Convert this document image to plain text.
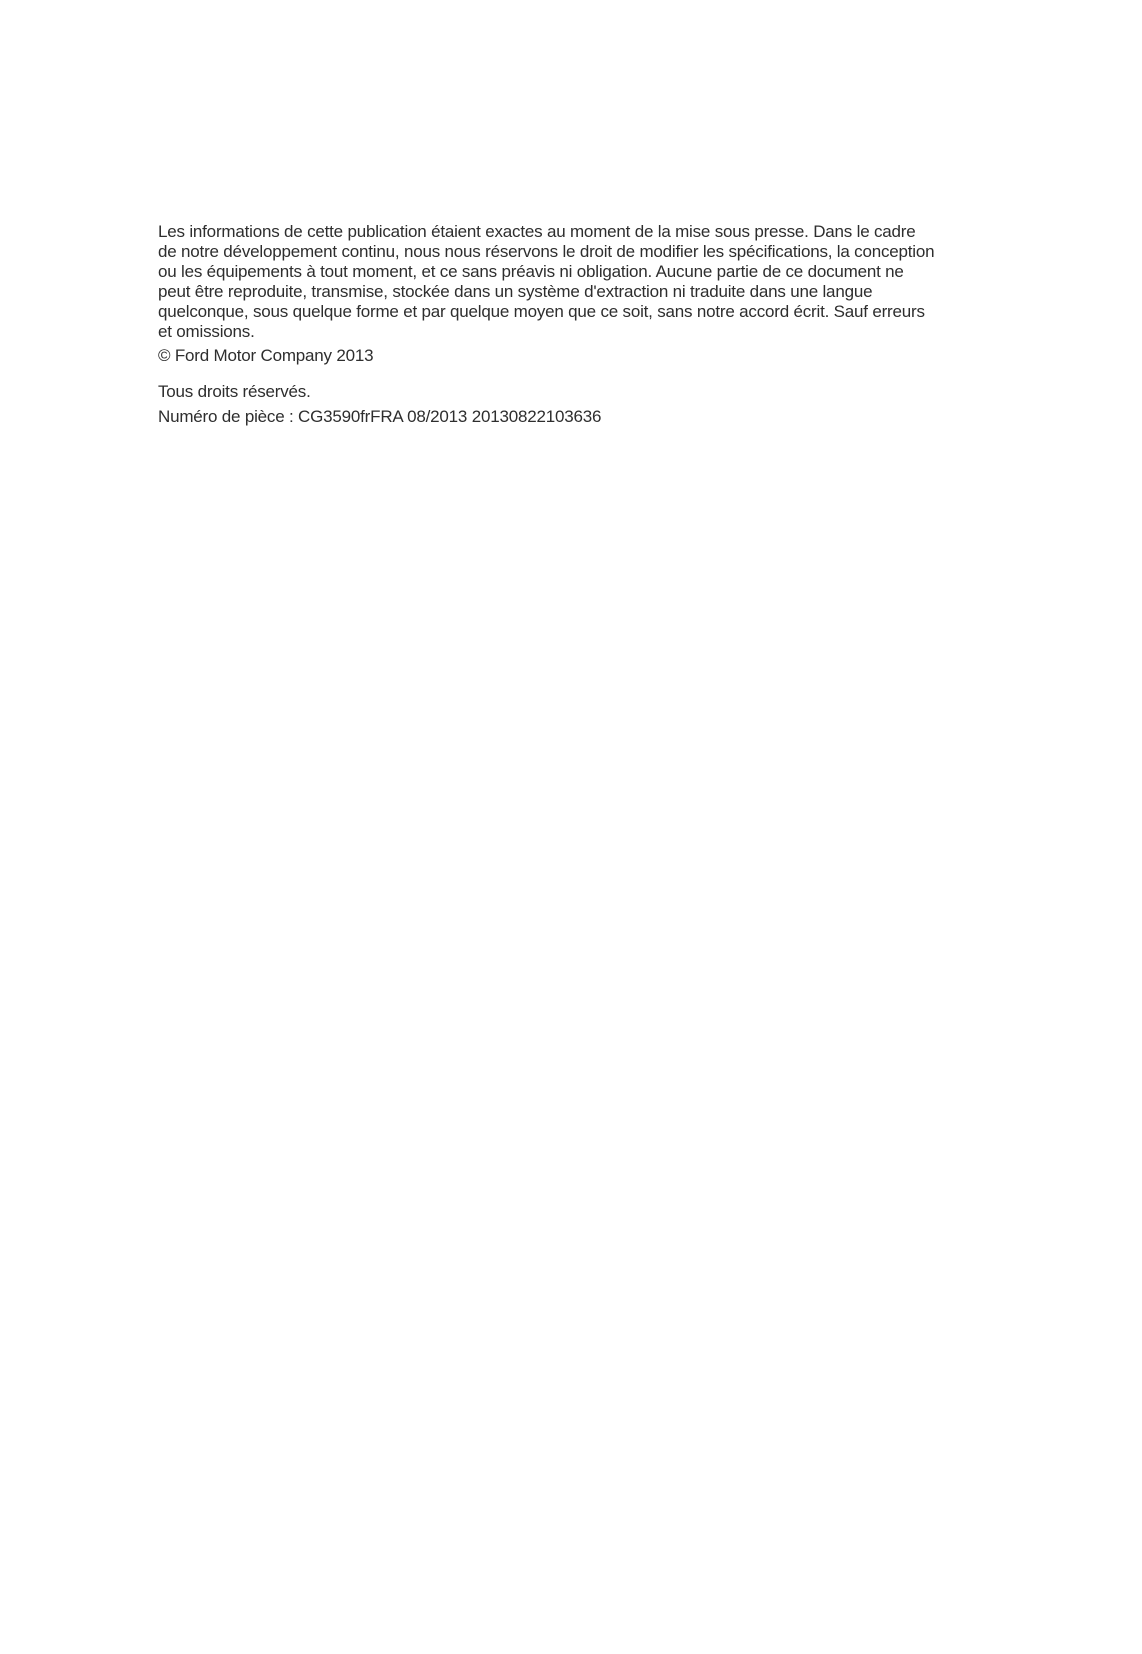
Les informations de cette publication étaient exactes au moment de la mise sous presse. Dans le cadre
de notre développement continu, nous nous réservons le droit de modifier les spécifications, la conception
ou les équipements à tout moment, et ce sans préavis ni obligation. Aucune partie de ce document ne
peut être reproduite, transmise, stockée dans un système d'extraction ni traduite dans une langue
quelconque, sous quelque forme et par quelque moyen que ce soit, sans notre accord écrit. Sauf erreurs
et omissions.
© Ford Motor Company 2013
Tous droits réservés.
Numéro de pièce : CG3590frFRA 08/2013 20130822103636
